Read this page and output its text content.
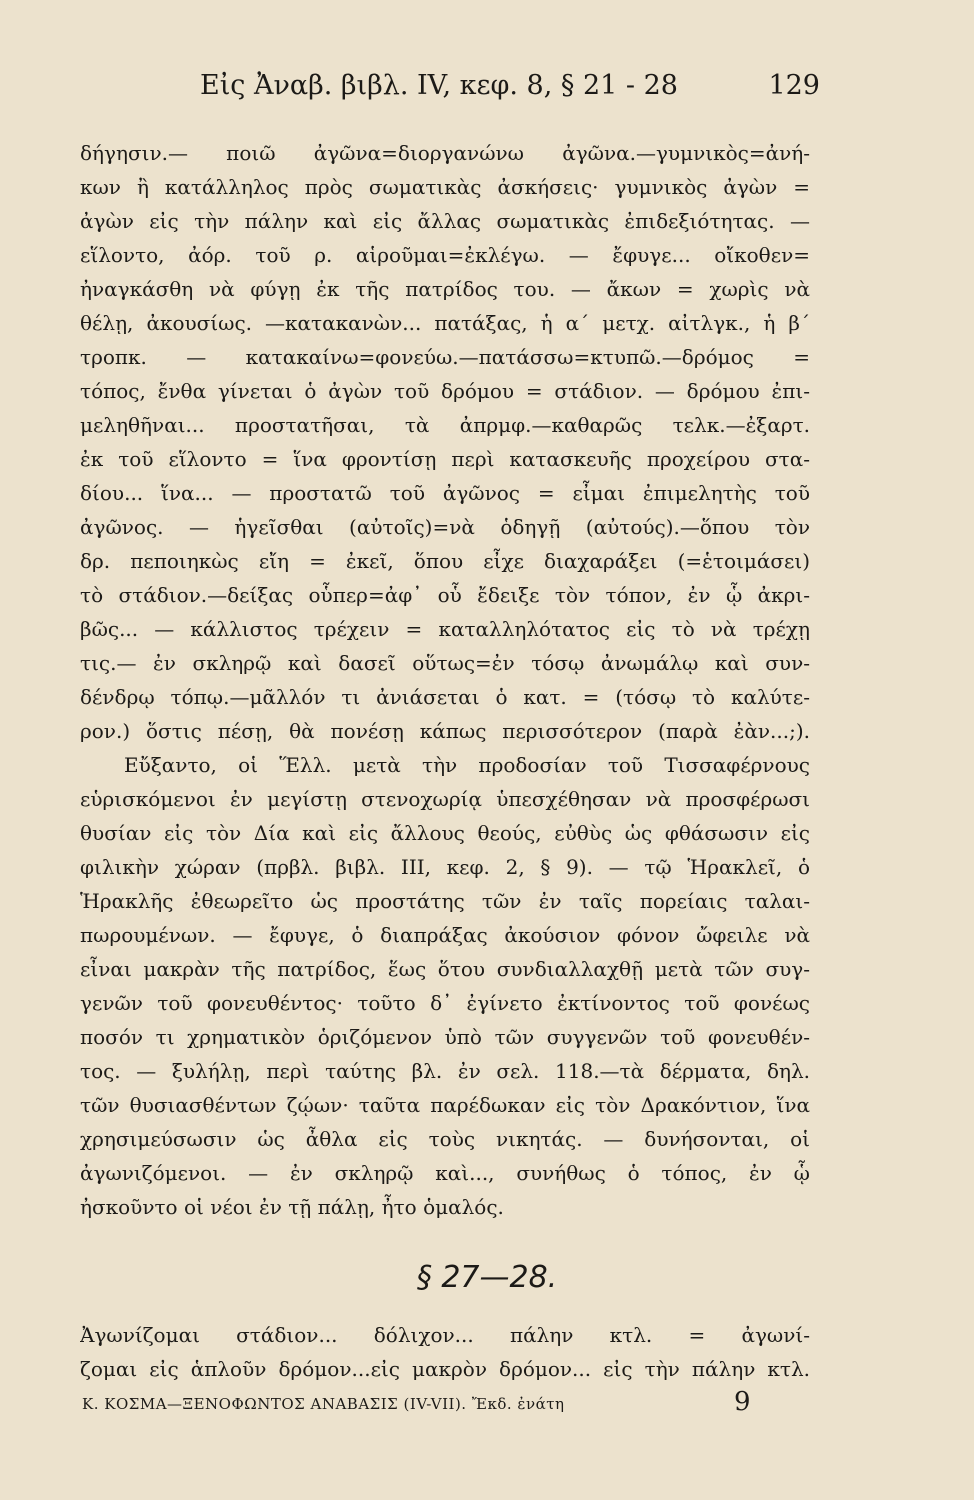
Εἰς Ἀναβ. βιβλ. IV, κεφ. 8, § 21 - 28	129
δήγησιν.— ποιῶ ἀγῶνα=διοργανώνω ἀγῶνα.—γυμνικὸς=ἀνή-
κων ἢ κατάλληλος πρὸς σωματικὰς ἀσκήσεις· γυμνικὸς ἀγὼν =
ἀγὼν εἰς τὴν πάλην καὶ εἰς ἄλλας σωματικὰς ἐπιδεξιότητας. —
εἵλοντο, ἀόρ. τοῦ ρ. αἱροῦμαι=ἐκλέγω. — ἔφυγε... οἴκοθεν=
ἠναγκάσθη νὰ φύγῃ ἐκ τῆς πατρίδος του. — ἄκων = χωρὶς νὰ
θέλῃ, ἀκουσίως. —κατακανὼν... πατάξας, ἡ α΄ μετχ. αἰτλγκ., ἡ β΄
τροπκ. — κατακαίνω=φονεύω.—πατάσσω=κτυπῶ.—δρόμος =
τόπος, ἔνθα γίνεται ὁ ἀγὼν τοῦ δρόμου = στάδιον. — δρόμου ἐπι-
μεληθῆναι... προστατῆσαι, τὰ ἀπρμφ.—καθαρῶς τελκ.—ἐξαρτ.
ἐκ τοῦ εἵλοντο = ἵνα φροντίσῃ περὶ κατασκευῆς προχείρου στα-
δίου... ἵνα... — προστατῶ τοῦ ἀγῶνος = εἶμαι ἐπιμελητὴς τοῦ
ἀγῶνος. — ἡγεῖσθαι (αὐτοῖς)=νὰ ὁδηγῇ (αὐτούς).—ὅπου τὸν
δρ. πεποιηκὼς εἴη = ἐκεῖ, ὅπου εἶχε διαχαράξει (=ἑτοιμάσει)
τὸ στάδιον.—δείξας οὗπερ=ἀφ᾽ οὗ ἔδειξε τὸν τόπον, ἐν ᾧ ἀκρι-
βῶς... — κάλλιστος τρέχειν = καταλληλότατος εἰς τὸ νὰ τρέχῃ
τις.— ἐν σκληρῷ καὶ δασεῖ οὕτως=ἐν τόσῳ ἀνωμάλῳ καὶ συν-
δένδρῳ τόπῳ.—μᾶλλόν τι ἀνιάσεται ὁ κατ. = (τόσῳ τὸ καλύτε-
ρον.) ὅστις πέσῃ, θὰ πονέσῃ κάπως περισσότερον (παρὰ ἐὰν...;).
Εὔξαντο, οἱ Ἕλλ. μετὰ τὴν προδοσίαν τοῦ Τισσαφέρνους
εὑρισκόμενοι ἐν μεγίστῃ στενοχωρίᾳ ὑπεσχέθησαν νὰ προσφέρωσι
θυσίαν εἰς τὸν Δία καὶ εἰς ἄλλους θεούς, εὐθὺς ὡς φθάσωσιν εἰς
φιλικὴν χώραν (πρβλ. βιβλ. III, κεφ. 2, § 9). — τῷ Ἡρακλεῖ, ὁ
Ἡρακλῆς ἐθεωρεῖτο ὡς προστάτης τῶν ἐν ταῖς πορείαις ταλαι-
πωρουμένων. — ἔφυγε, ὁ διαπράξας ἀκούσιον φόνον ὤφειλε νὰ
εἶναι μακρὰν τῆς πατρίδος, ἕως ὅτου συνδιαλλαχθῇ μετὰ τῶν συγ-
γενῶν τοῦ φονευθέντος· τοῦτο δ᾽ ἐγίνετο ἐκτίνοντος τοῦ φονέως
ποσόν τι χρηματικὸν ὁριζόμενον ὑπὸ τῶν συγγενῶν τοῦ φονευθέν-
τος. — ξυλήλῃ, περὶ ταύτης βλ. ἐν σελ. 118.—τὰ δέρματα, δηλ.
τῶν θυσιασθέντων ζῴων· ταῦτα παρέδωκαν εἰς τὸν Δρακόντιον, ἵνα
χρησιμεύσωσιν ὡς ἆθλα εἰς τοὺς νικητάς. — δυνήσονται, οἱ
ἀγωνιζόμενοι. — ἐν σκληρῷ καὶ..., συνήθως ὁ τόπος, ἐν ᾧ
ἠσκοῦντο οἱ νέοι ἐν τῇ πάλῃ, ἦτο ὁμαλός.
§ 27—28.
Ἀγωνίζομαι στάδιον... δόλιχον... πάλην κτλ. = ἀγωνί-
ζομαι εἰς ἁπλοῦν δρόμον...εἰς μακρὸν δρόμον... εἰς τὴν πάλην κτλ.
Κ. ΚΟΣΜΑ—ΞΕΝΟΦΩΝΤΟΣ ΑΝΑΒΑΣΙΣ (IV-VII). Ἔκδ. ἐνάτη	9
